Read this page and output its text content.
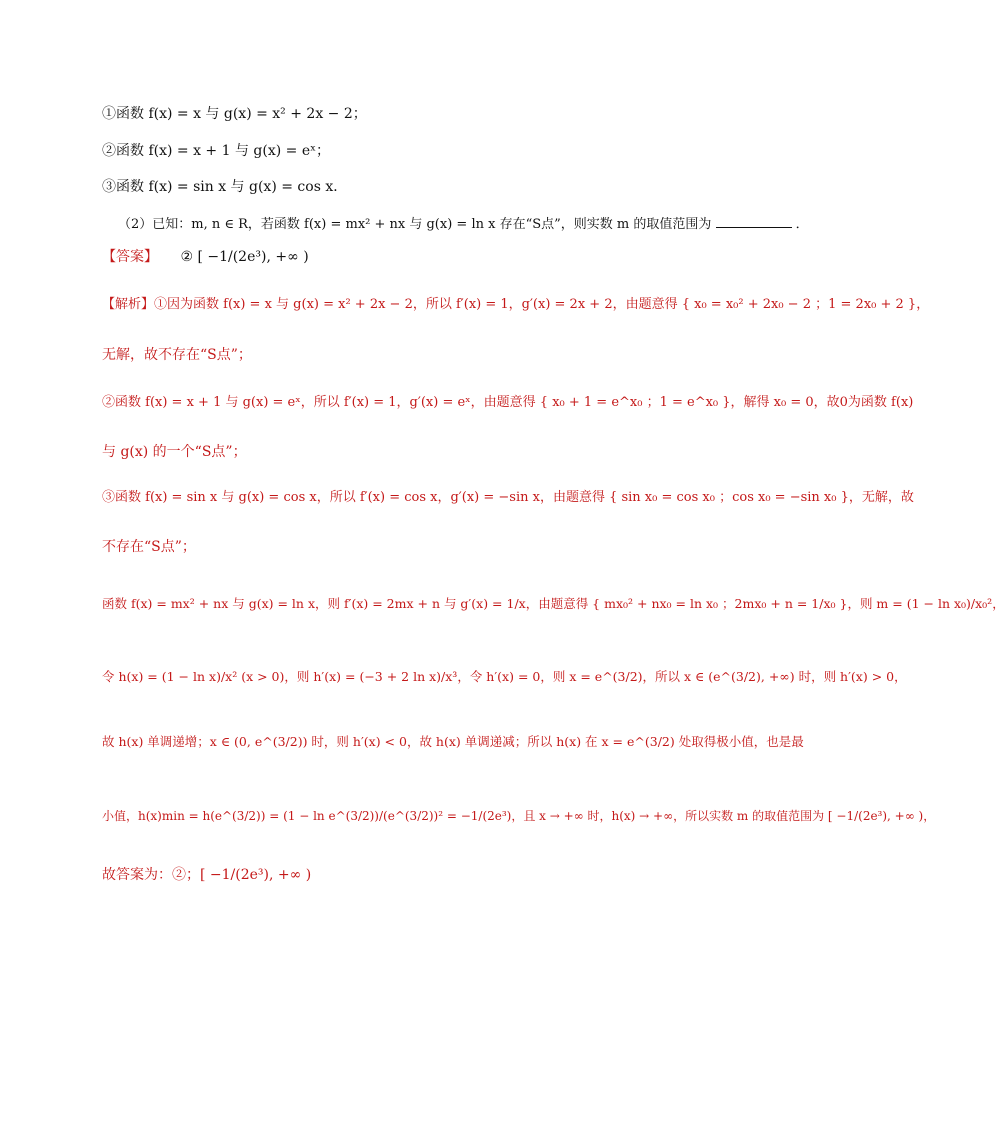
①函数 f(x) = x 与 g(x) = x² + 2x − 2；
②函数 f(x) = x + 1 与 g(x) = eˣ；
③函数 f(x) = sin x 与 g(x) = cos x．
（2）已知：m, n ∈ R，若函数 f(x) = mx² + nx 与 g(x) = ln x 存在“S点”，则实数 m 的取值范围为	．
【答案】 ② [ −1/(2e³), +∞ )
【解析】①因为函数 f(x) = x 与 g(x) = x² + 2x − 2，所以 f′(x) = 1，g′(x) = 2x + 2，由题意得 { x₀ = x₀² + 2x₀ − 2 ；1 = 2x₀ + 2 }，
无解，故不存在“S点”；
②函数 f(x) = x + 1 与 g(x) = eˣ，所以 f′(x) = 1，g′(x) = eˣ，由题意得 { x₀ + 1 = e^x₀ ；1 = e^x₀ }，解得 x₀ = 0，故0为函数 f(x)
与 g(x) 的一个“S点”；
③函数 f(x) = sin x 与 g(x) = cos x，所以 f′(x) = cos x，g′(x) = −sin x，由题意得 { sin x₀ = cos x₀ ；cos x₀ = −sin x₀ }，无解，故
不存在“S点”；
函数 f(x) = mx² + nx 与 g(x) = ln x，则 f′(x) = 2mx + n 与 g′(x) = 1/x，由题意得 { mx₀² + nx₀ = ln x₀ ；2mx₀ + n = 1/x₀ }，则 m = (1 − ln x₀)/x₀²，
令 h(x) = (1 − ln x)/x² (x > 0)，则 h′(x) = (−3 + 2 ln x)/x³，令 h′(x) = 0，则 x = e^(3/2)，所以 x ∈ (e^(3/2), +∞) 时，则 h′(x) > 0，
故 h(x) 单调递增；x ∈ (0, e^(3/2)) 时，则 h′(x) < 0，故 h(x) 单调递减；所以 h(x) 在 x = e^(3/2) 处取得极小值，也是最
小值，h(x)min = h(e^(3/2)) = (1 − ln e^(3/2))/(e^(3/2))² = −1/(2e³)，且 x → +∞ 时，h(x) → +∞，所以实数 m 的取值范围为 [ −1/(2e³), +∞ )，
故答案为：②；[ −1/(2e³), +∞ )
